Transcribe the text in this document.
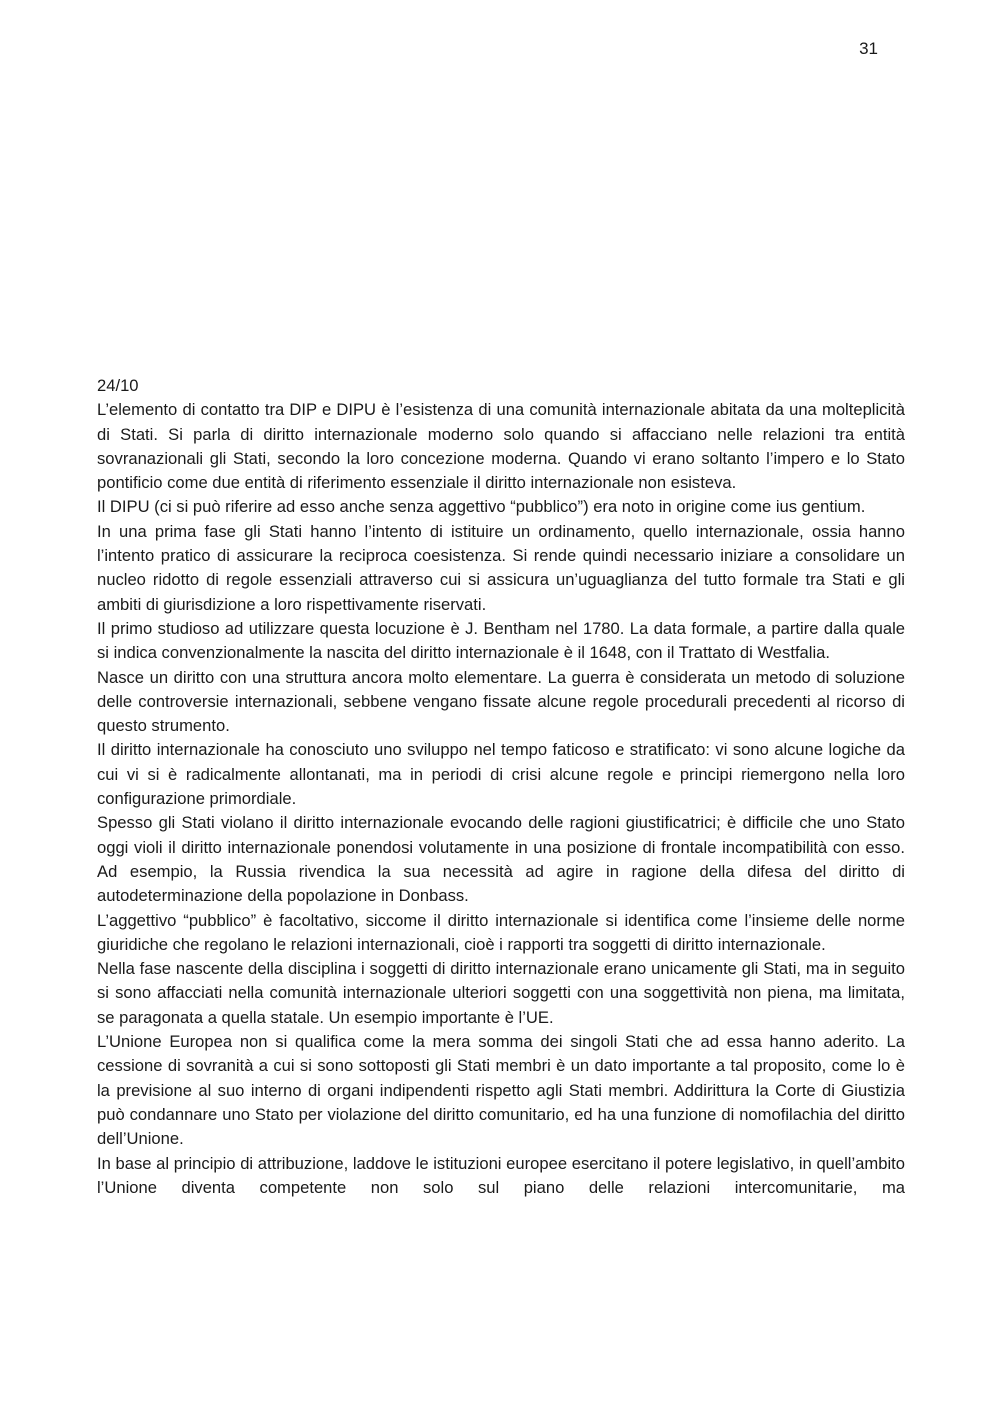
31

24/10

L’elemento di contatto tra DIP e DIPU è l’esistenza di una comunità internazionale abitata da una molteplicità di Stati. Si parla di diritto internazionale moderno solo quando si affacciano nelle relazioni tra entità sovranazionali gli Stati, secondo la loro concezione moderna. Quando vi erano soltanto l’impero e lo Stato pontificio come due entità di riferimento essenziale il diritto internazionale non esisteva.

Il DIPU (ci si può riferire ad esso anche senza aggettivo “pubblico”) era noto in origine come ius gentium.

In una prima fase gli Stati hanno l’intento di istituire un ordinamento, quello internazionale, ossia hanno l’intento pratico di assicurare la reciproca coesistenza. Si rende quindi necessario iniziare a consolidare un nucleo ridotto di regole essenziali attraverso cui si assicura un’uguaglianza del tutto formale tra Stati e gli ambiti di giurisdizione a loro rispettivamente riservati.

Il primo studioso ad utilizzare questa locuzione è J. Bentham nel 1780. La data formale, a partire dalla quale si indica convenzionalmente la nascita del diritto internazionale è il 1648, con il Trattato di Westfalia.

Nasce un diritto con una struttura ancora molto elementare. La guerra è considerata un metodo di soluzione delle controversie internazionali, sebbene vengano fissate alcune regole procedurali precedenti al ricorso di questo strumento.

Il diritto internazionale ha conosciuto uno sviluppo nel tempo faticoso e stratificato: vi sono alcune logiche da cui vi si è radicalmente allontanati, ma in periodi di crisi alcune regole e principi riemergono nella loro configurazione primordiale.

Spesso gli Stati violano il diritto internazionale evocando delle ragioni giustificatrici; è difficile che uno Stato oggi violi il diritto internazionale ponendosi volutamente in una posizione di frontale incompatibilità con esso. Ad esempio, la Russia rivendica la sua necessità ad agire in ragione della difesa del diritto di autodeterminazione della popolazione in Donbass.

L’aggettivo “pubblico” è facoltativo, siccome il diritto internazionale si identifica come l’insieme delle norme giuridiche che regolano le relazioni internazionali, cioè i rapporti tra soggetti di diritto internazionale.

Nella fase nascente della disciplina i soggetti di diritto internazionale erano unicamente gli Stati, ma in seguito si sono affacciati nella comunità internazionale ulteriori soggetti con una soggettività non piena, ma limitata, se paragonata a quella statale. Un esempio importante è l’UE.

L’Unione Europea non si qualifica come la mera somma dei singoli Stati che ad essa hanno aderito. La cessione di sovranità a cui si sono sottoposti gli Stati membri è un dato importante a tal proposito, come lo è la previsione al suo interno di organi indipendenti rispetto agli Stati membri. Addirittura la Corte di Giustizia può condannare uno Stato per violazione del diritto comunitario, ed ha una funzione di nomofilachia del diritto dell’Unione.

In base al principio di attribuzione, laddove le istituzioni europee esercitano il potere legislativo, in quell’ambito l’Unione diventa competente non solo sul piano delle relazioni intercomunitarie, ma
